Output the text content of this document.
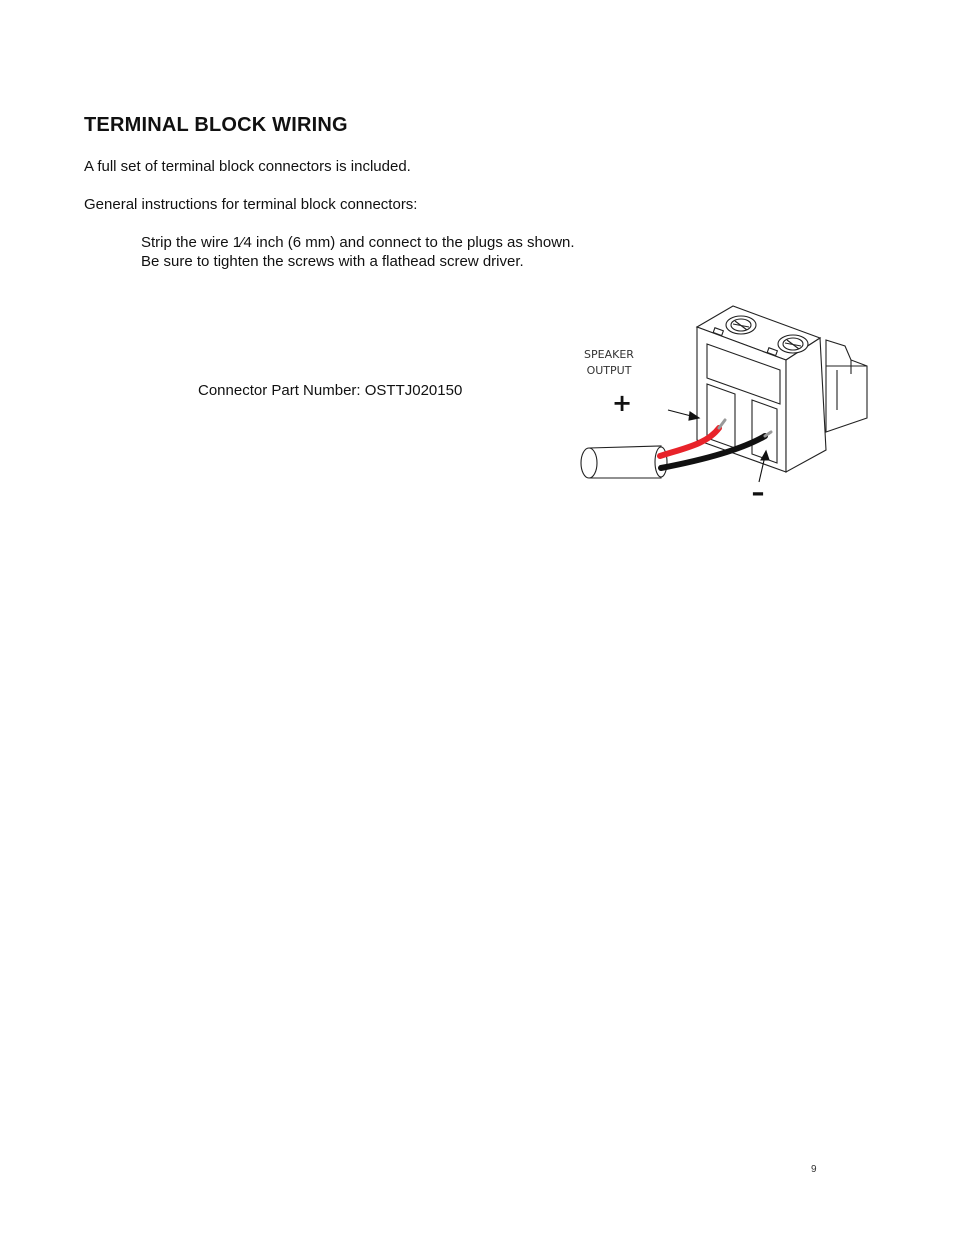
TERMINAL BLOCK WIRING

A full set of terminal block connectors is included.

General instructions for terminal block connectors:

Strip the wire 1⁄4 inch (6 mm) and connect to the plugs as shown.
Be sure to tighten the screws with a flathead screw driver.
Connector Part Number: OSTTJ020150
SPEAKER
OUTPUT
+
–
9
